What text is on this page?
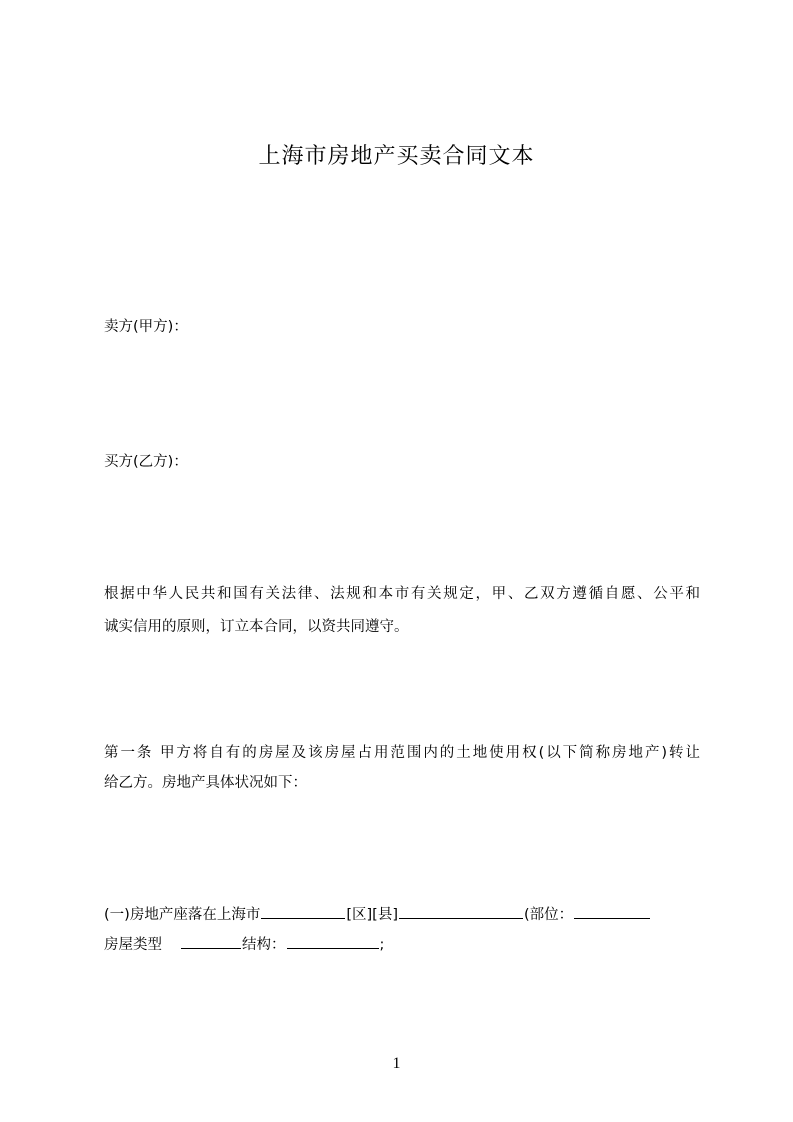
上海市房地产买卖合同文本
卖方(甲方)：
买方(乙方)：
根据中华人民共和国有关法律、法规和本市有关规定，甲、乙双方遵循自愿、公平和
诚实信用的原则，订立本合同，以资共同遵守。
第一条 甲方将自有的房屋及该房屋占用范围内的土地使用权(以下简称房地产)转让
给乙方。房地产具体状况如下：
(一)房地产座落在上海市	[区][县]	(部位：
房屋类型	结构：	;
1
